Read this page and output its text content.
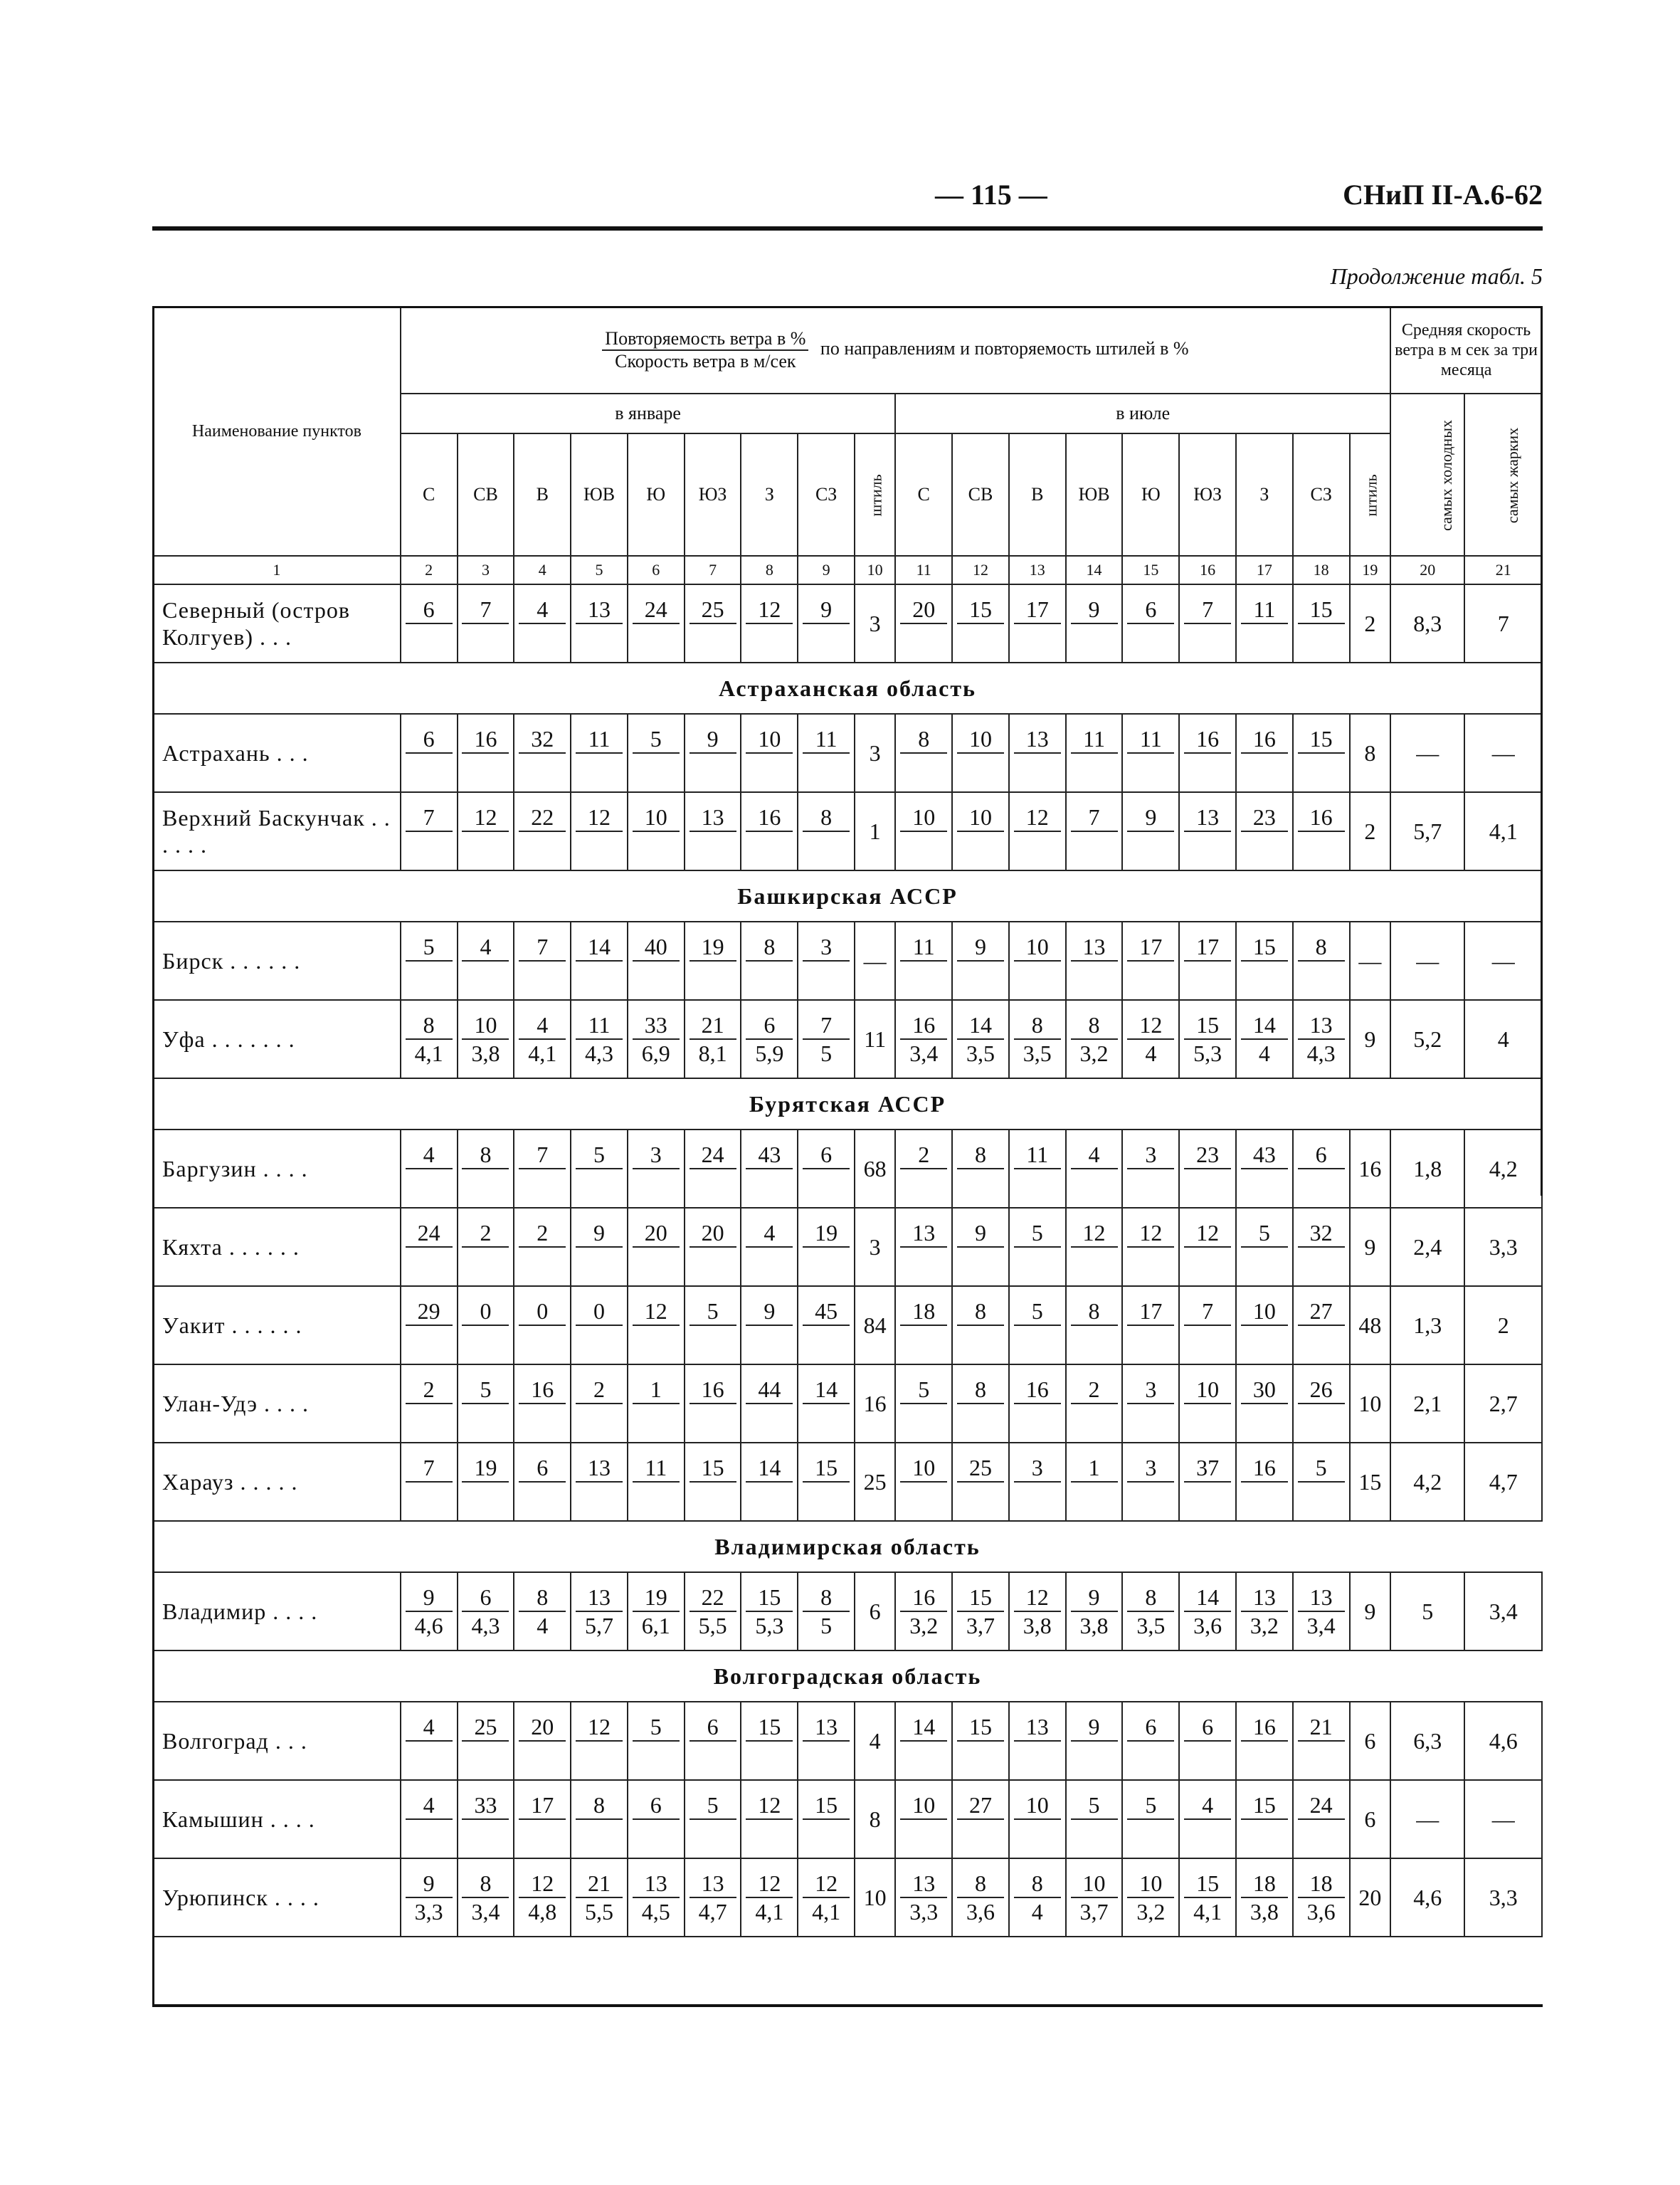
— 115 —	СНиП II-А.6-62
Продолжение табл. 5
Наименование пунктов	$\frac{\text{Повторяемость ветра в \%}}{\text{Скорость ветра в м/сек}}$ по направлениям и повторяемость штилей в %																		Средняя скорость ветра в м сек за три месяца	
	в январе									в июле									самых холодных	самых жарких
	С	СВ	В	ЮВ	Ю	ЮЗ	З	СЗ	штиль	С	СВ	В	ЮВ	Ю	ЮЗ	З	СЗ	штиль		
1	2	3	4	5	6	7	8	9	10	11	12	13	14	15	16	17	18	19	20	21
Северный (остров Колгуев) . . .	6	7	4	13	24	25	12	9	3	20	15	17	9	6	7	11	15	2	8,3	7
Астраханская область																				
Астрахань . . .	6	16	32	11	5	9	10	11	3	8	10	13	11	11	16	16	15	8	—	—
Верхний Баскунчак . . . . . .	7	12	22	12	10	13	16	8	1	10	10	12	7	9	13	23	16	2	5,7	4,1
Башкирская АССР																				
Бирск . . . . . .	5	4	7	14	40	19	8	3	—	11	9	10	13	17	17	15	8	—	—	—
Уфа . . . . . . .	$\frac{8}{4,1}$	$\frac{10}{3,8}$	$\frac{4}{4,1}$	$\frac{11}{4,3}$	$\frac{33}{6,9}$	$\frac{21}{8,1}$	$\frac{6}{5,9}$	$\frac{7}{5}$	11	$\frac{16}{3,4}$	$\frac{14}{3,5}$	$\frac{8}{3,5}$	$\frac{8}{3,2}$	$\frac{12}{4}$	$\frac{15}{5,3}$	$\frac{14}{4}$	$\frac{13}{4,3}$	9	5,2	4
Бурятская АССР																				
Баргузин . . . .	4	8	7	5	3	24	43	6	68	2	8	11	4	3	23	43	6	16	1,8	4,2
Кяхта . . . . . .	24	2	2	9	20	20	4	19	3	13	9	5	12	12	12	5	32	9	2,4	3,3
Уакит . . . . . .	29	0	0	0	12	5	9	45	84	18	8	5	8	17	7	10	27	48	1,3	2
Улан-Удэ . . . .	2	5	16	2	1	16	44	14	16	5	8	16	2	3	10	30	26	10	2,1	2,7
Харауз . . . . .	7	19	6	13	11	15	14	15	25	10	25	3	1	3	37	16	5	15	4,2	4,7
Владимирская область																				
Владимир . . . .	$\frac{9}{4,6}$	$\frac{6}{4,3}$	$\frac{8}{4}$	$\frac{13}{5,7}$	$\frac{19}{6,1}$	$\frac{22}{5,5}$	$\frac{15}{5,3}$	$\frac{8}{5}$	6	$\frac{16}{3,2}$	$\frac{15}{3,7}$	$\frac{12}{3,8}$	$\frac{9}{3,8}$	$\frac{8}{3,5}$	$\frac{14}{3,6}$	$\frac{13}{3,2}$	$\frac{13}{3,4}$	9	5	3,4
Волгоградская область																				
Волгоград . . .	4	25	20	12	5	6	15	13	4	14	15	13	9	6	6	16	21	6	6,3	4,6
Камышин . . . .	4	33	17	8	6	5	12	15	8	10	27	10	5	5	4	15	24	6	—	—
Урюпинск . . . .	$\frac{9}{3,3}$	$\frac{8}{3,4}$	$\frac{12}{4,8}$	$\frac{21}{5,5}$	$\frac{13}{4,5}$	$\frac{13}{4,7}$	$\frac{12}{4,1}$	$\frac{12}{4,1}$	10	$\frac{13}{3,3}$	$\frac{8}{3,6}$	$\frac{8}{4}$	$\frac{10}{3,7}$	$\frac{10}{3,2}$	$\frac{15}{4,1}$	$\frac{18}{3,8}$	$\frac{18}{3,6}$	20	4,6	3,3
